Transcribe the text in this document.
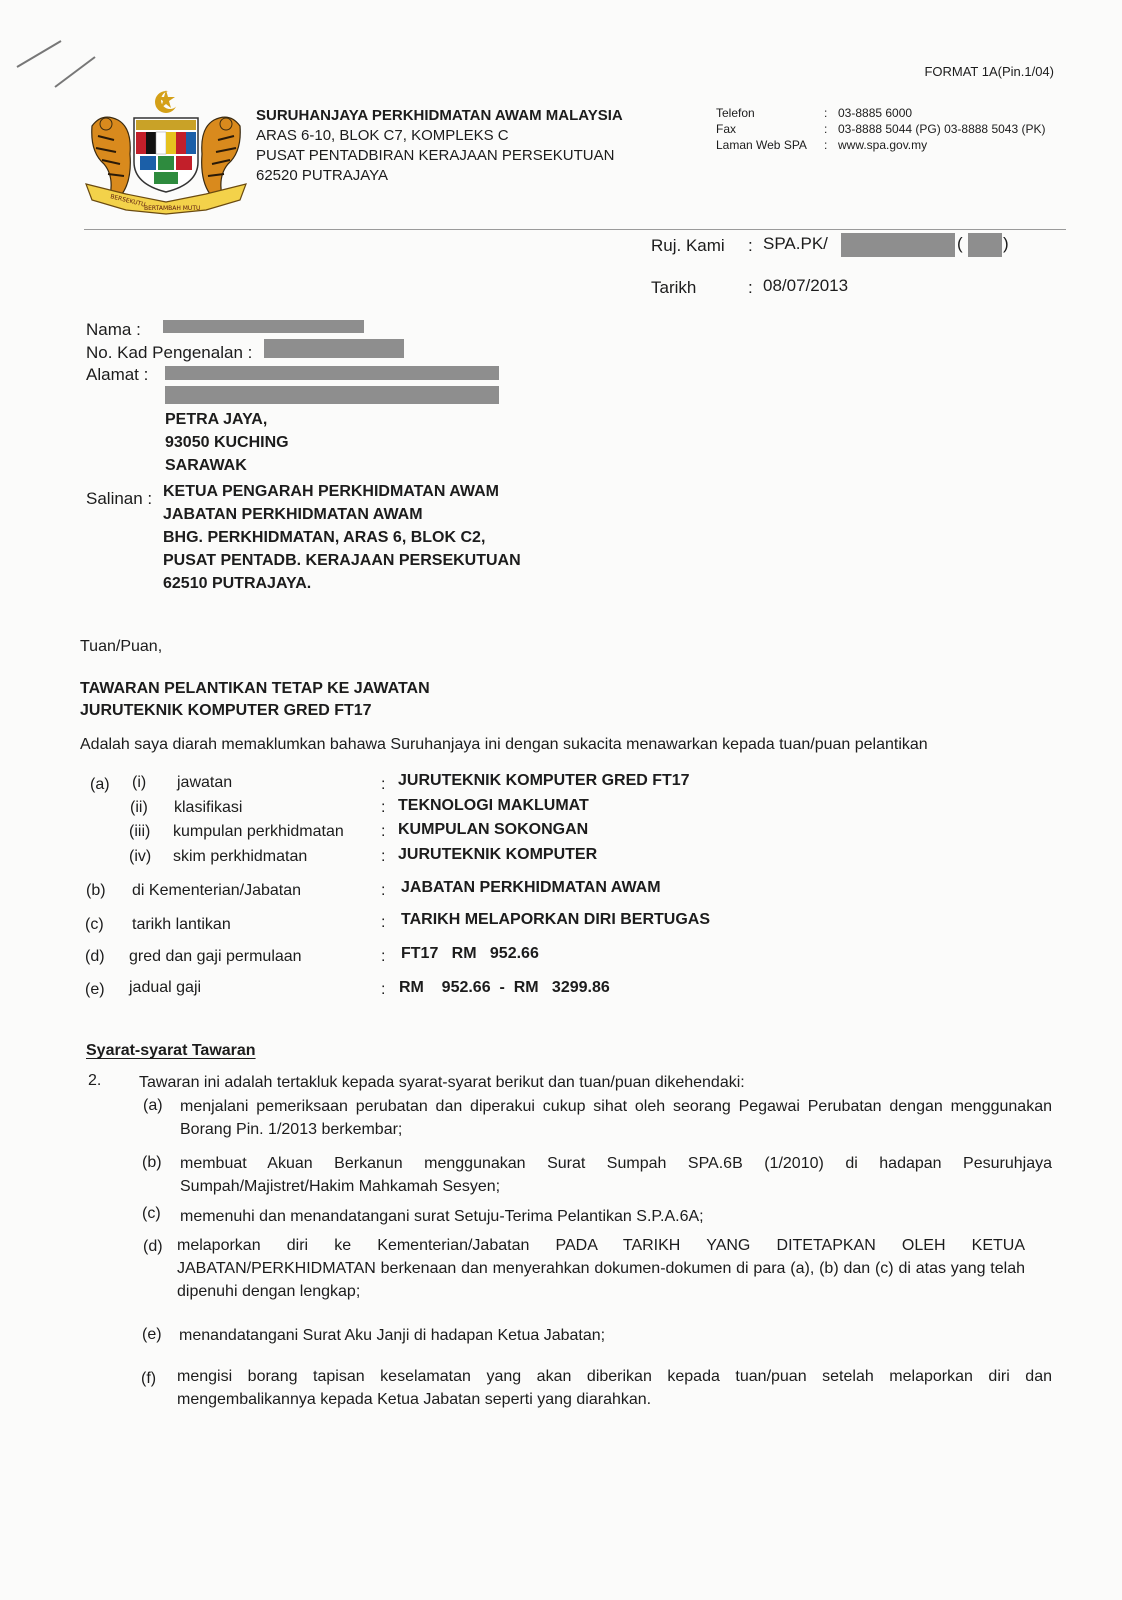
FORMAT 1A(Pin.1/04)
BERSEKUTU
BERTAMBAH MUTU
SURUHANJAYA PERKHIDMATAN AWAM MALAYSIA
ARAS 6-10, BLOK C7, KOMPLEKS C
PUSAT PENTADBIRAN KERAJAAN PERSEKUTUAN
62520 PUTRAJAYA
Telefon	:	03-8885 6000
Fax	:	03-8888 5044 (PG) 03-8888 5043 (PK)
Laman Web SPA	:	www.spa.gov.my
Ruj. Kami : SPA.PK/	( )
Tarikh	: 08/07/2013
Nama :
No. Kad Pengenalan :
Alamat :
PETRA JAYA,
93050 KUCHING
SARAWAK
Salinan : KETUA PENGARAH PERKHIDMATAN AWAM
JABATAN PERKHIDMATAN AWAM
BHG. PERKHIDMATAN, ARAS 6, BLOK C2,
PUSAT PENTADB. KERAJAAN PERSEKUTUAN
62510 PUTRAJAYA.
Tuan/Puan,
TAWARAN PELANTIKAN TETAP KE JAWATAN
JURUTEKNIK KOMPUTER GRED FT17
Adalah saya diarah memaklumkan bahawa Suruhanjaya ini dengan sukacita menawarkan kepada tuan/puan pelantikan
(a) (i) jawatan	: JURUTEKNIK KOMPUTER GRED FT17
(ii) klasifikasi	: TEKNOLOGI MAKLUMAT
(iii) kumpulan perkhidmatan : KUMPULAN SOKONGAN
(iv) skim perkhidmatan	: JURUTEKNIK KOMPUTER
(b) di Kementerian/Jabatan	: JABATAN PERKHIDMATAN AWAM
(c) tarikh lantikan	: TARIKH MELAPORKAN DIRI BERTUGAS
(d) gred dan gaji permulaan	: FT17   RM   952.66
(e) jadual gaji	: RM    952.66  -  RM   3299.86
Syarat-syarat Tawaran
2. Tawaran ini adalah tertakluk kepada syarat-syarat berikut dan tuan/puan dikehendaki:
(a) menjalani pemeriksaan perubatan dan diperakui cukup sihat oleh seorang Pegawai Perubatan dengan menggunakan Borang Pin. 1/2013 berkembar;
(b) membuat Akuan Berkanun menggunakan Surat Sumpah SPA.6B (1/2010) di hadapan Pesuruhjaya Sumpah/Majistret/Hakim Mahkamah Sesyen;
(c) memenuhi dan menandatangani surat Setuju-Terima Pelantikan S.P.A.6A;
(d) melaporkan diri ke Kementerian/Jabatan PADA TARIKH YANG DITETAPKAN OLEH KETUA JABATAN/PERKHIDMATAN berkenaan dan menyerahkan dokumen-dokumen di para (a), (b) dan (c) di atas yang telah dipenuhi dengan lengkap;
(e) menandatangani Surat Aku Janji di hadapan Ketua Jabatan;
(f) mengisi borang tapisan keselamatan yang akan diberikan kepada tuan/puan setelah melaporkan diri dan mengembalikannya kepada Ketua Jabatan seperti yang diarahkan.
